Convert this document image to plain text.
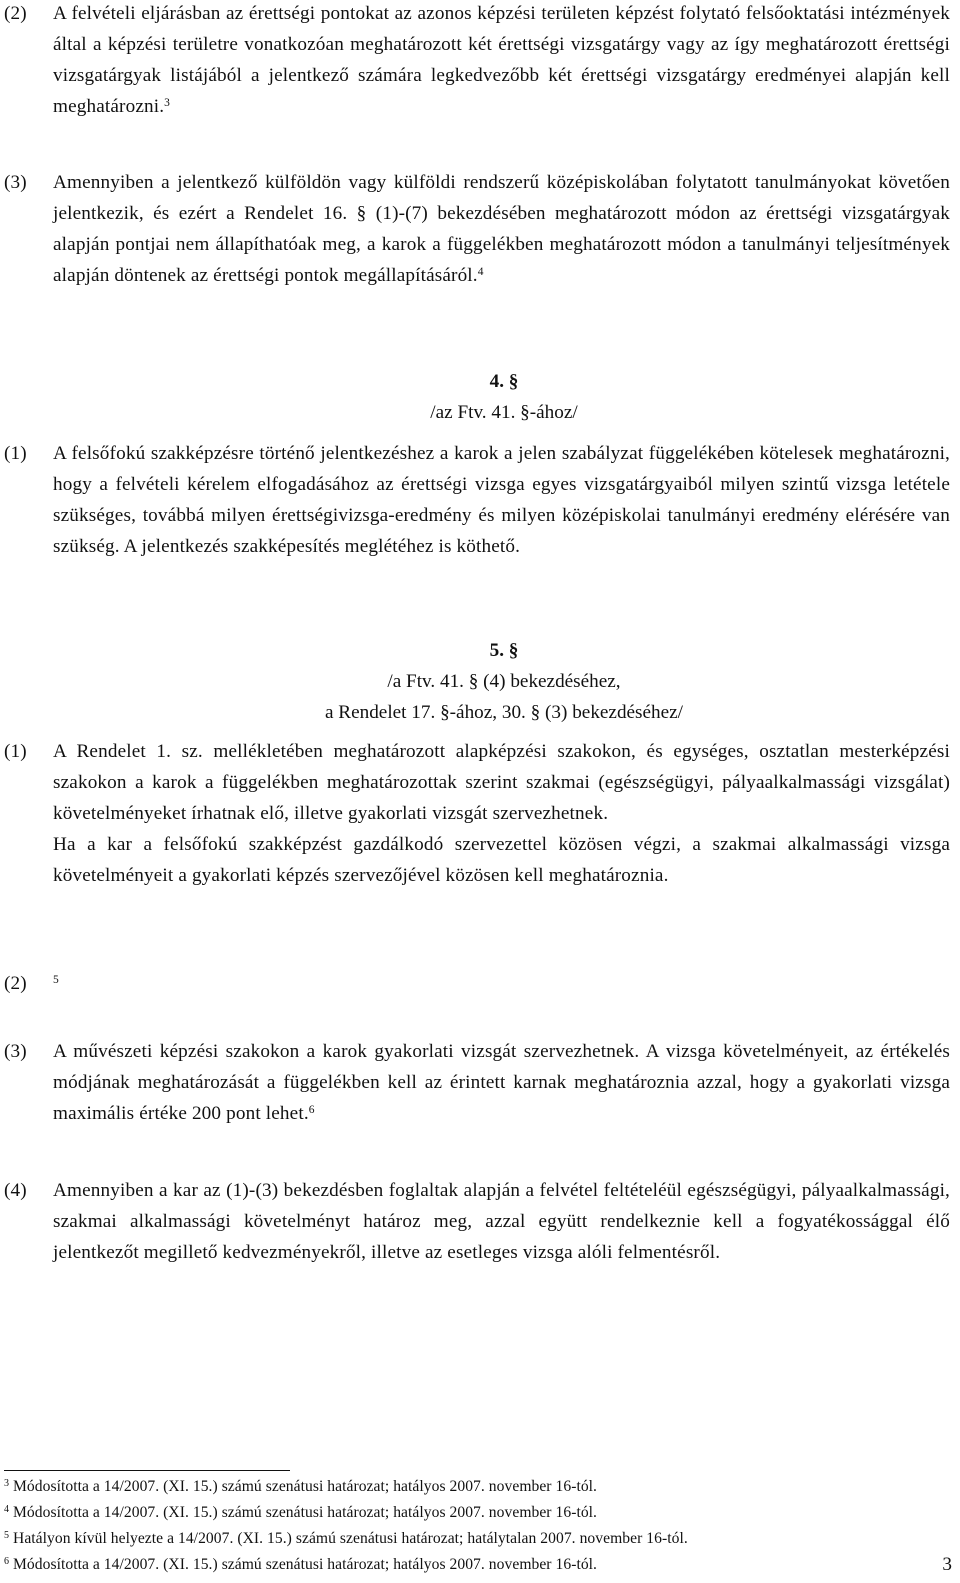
(2)	A felvételi eljárásban az érettségi pontokat az azonos képzési területen képzést folytató felsőoktatási intézmények által a képzési területre vonatkozóan meghatározott két érettségi vizsgatárgy vagy az így meghatározott érettségi vizsgatárgyak listájából a jelentkező számára legkedvezőbb két érettségi vizsgatárgy eredményei alapján kell meghatározni.$^3$
(3)	Amennyiben a jelentkező külföldön vagy külföldi rendszerű középiskolában folytatott tanulmányokat követően jelentkezik, és ezért a Rendelet 16. § (1)-(7) bekezdésében meghatározott módon az érettségi vizsgatárgyak alapján pontjai nem állapíthatóak meg, a karok a függelékben meghatározott módon a tanulmányi teljesítmények alapján döntenek az érettségi pontok megállapításáról.$^4$
4. §
/az Ftv. 41. §-ához/
(1)	A felsőfokú szakképzésre történő jelentkezéshez a karok a jelen szabályzat függelékében kötelesek meghatározni, hogy a felvételi kérelem elfogadásához az érettségi vizsga egyes vizsgatárgyaiból milyen szintű vizsga letétele szükséges, továbbá milyen érettségivizsga-eredmény és milyen középiskolai tanulmányi eredmény elérésére van szükség. A jelentkezés szakképesítés meglétéhez is köthető.
5. §
/a Ftv. 41. § (4) bekezdéséhez,
a Rendelet 17. §-ához, 30. § (3) bekezdéséhez/
(1)	A Rendelet 1. sz. mellékletében meghatározott alapképzési szakokon, és egységes, osztatlan mesterképzési szakokon a karok a függelékben meghatározottak szerint szakmai (egészségügyi, pályaalkalmassági vizsgálat) követelményeket írhatnak elő, illetve gyakorlati vizsgát szervezhetnek.

Ha a kar a felsőfokú szakképzést gazdálkodó szervezettel közösen végzi, a szakmai alkalmassági vizsga követelményeit a gyakorlati képzés szervezőjével közösen kell meghatároznia.

(2)	$^5$
(3)	A művészeti képzési szakokon a karok gyakorlati vizsgát szervezhetnek. A vizsga követelményeit, az értékelés módjának meghatározását a függelékben kell az érintett karnak meghatároznia azzal, hogy a gyakorlati vizsga maximális értéke 200 pont lehet.$^6$
(4)	Amennyiben a kar az (1)-(3) bekezdésben foglaltak alapján a felvétel feltételéül egészségügyi, pályaalkalmassági, szakmai alkalmassági követelményt határoz meg, azzal együtt rendelkeznie kell a fogyatékossággal élő jelentkezőt megillető kedvezményekről, illetve az esetleges vizsga alóli felmentésről.

$^3$ Módosította a 14/2007. (XI. 15.) számú szenátusi határozat; hatályos 2007. november 16-tól.

$^4$ Módosította a 14/2007. (XI. 15.) számú szenátusi határozat; hatályos 2007. november 16-tól.

$^5$ Hatályon kívül helyezte a 14/2007. (XI. 15.) számú szenátusi határozat; hatálytalan 2007. november 16-tól.

$^6$ Módosította a 14/2007. (XI. 15.) számú szenátusi határozat; hatályos 2007. november 16-tól.	3
